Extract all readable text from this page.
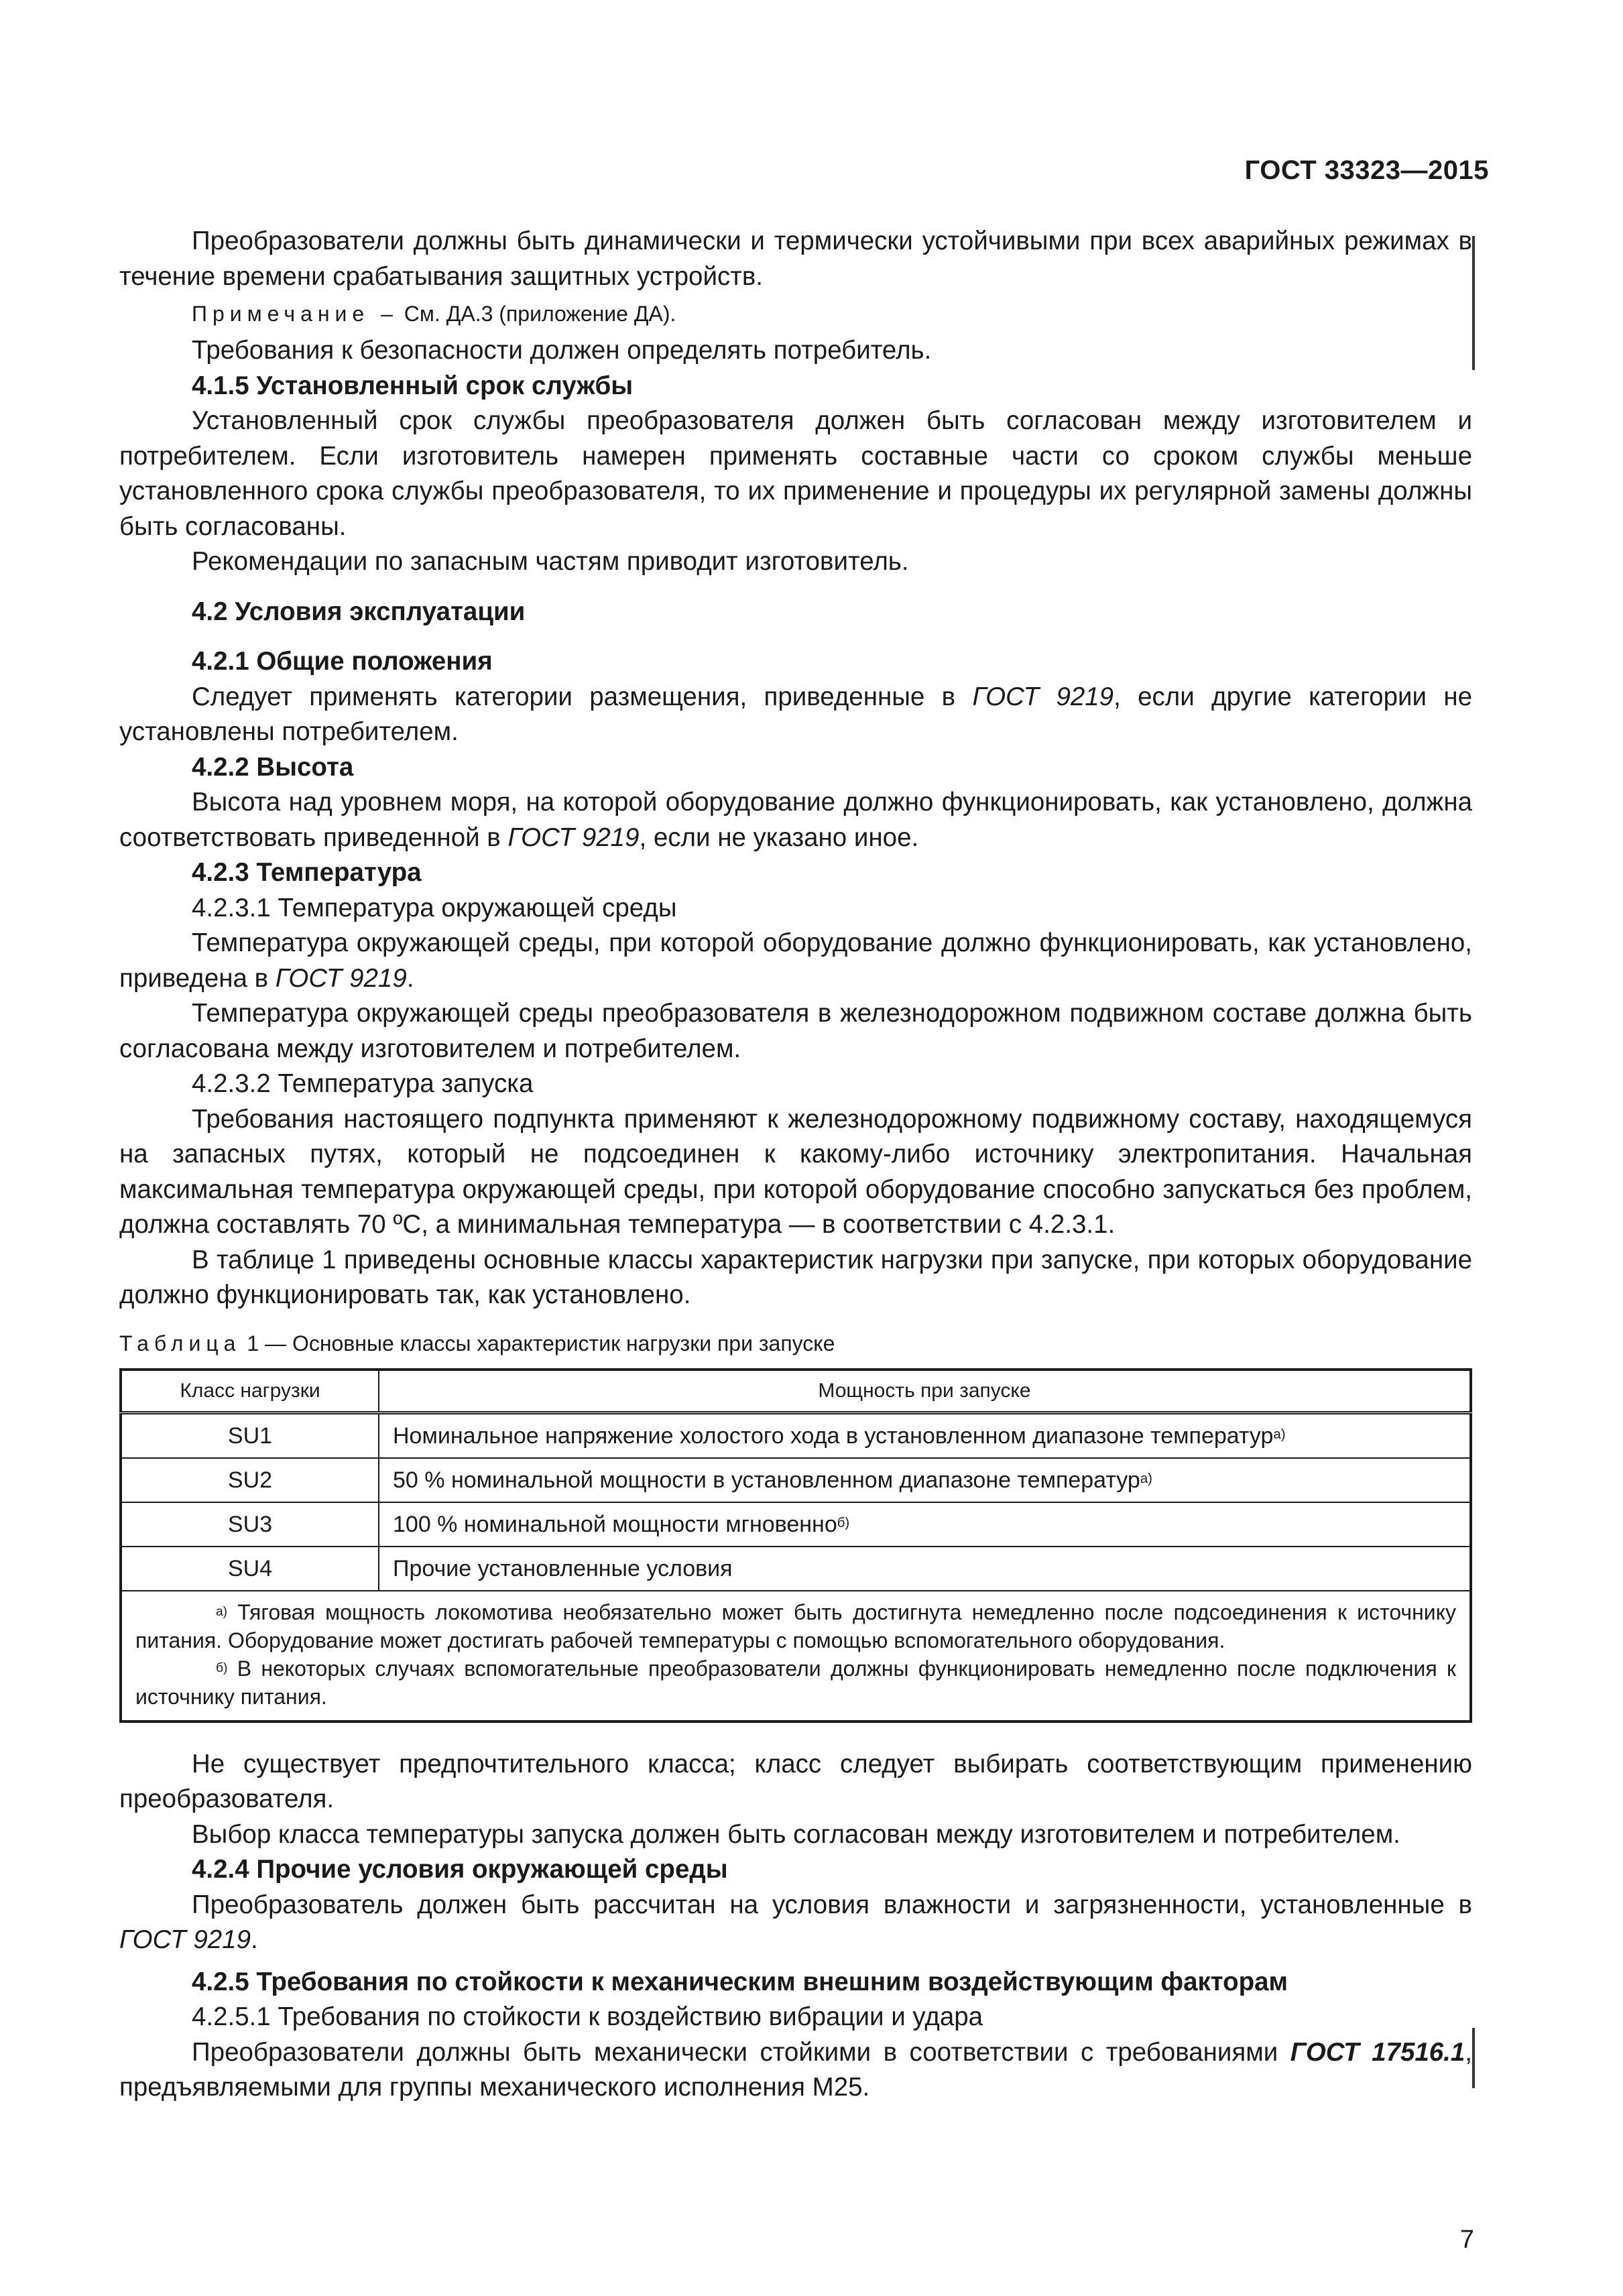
ГОСТ 33323—2015

Преобразователи должны быть динамически и термически устойчивыми при всех аварийных режимах в течение времени срабатывания защитных устройств.

Примечание – См. ДА.3 (приложение ДА).

Требования к безопасности должен определять потребитель.

4.1.5 Установленный срок службы

Установленный срок службы преобразователя должен быть согласован между изготовителем и потребителем. Если изготовитель намерен применять составные части со сроком службы меньше установленного срока службы преобразователя, то их применение и процедуры их регулярной замены должны быть согласованы.

Рекомендации по запасным частям приводит изготовитель.

4.2 Условия эксплуатации

4.2.1 Общие положения

Следует применять категории размещения, приведенные в ГОСТ 9219, если другие категории не установлены потребителем.

4.2.2 Высота

Высота над уровнем моря, на которой оборудование должно функционировать, как установлено, должна соответствовать приведенной в ГОСТ 9219, если не указано иное.

4.2.3 Температура

4.2.3.1 Температура окружающей среды

Температура окружающей среды, при которой оборудование должно функционировать, как установлено, приведена в ГОСТ 9219.

Температура окружающей среды преобразователя в железнодорожном подвижном составе должна быть согласована между изготовителем и потребителем.

4.2.3.2 Температура запуска

Требования настоящего подпункта применяют к железнодорожному подвижному составу, находящемуся на запасных путях, который не подсоединен к какому-либо источнику электропитания. Начальная максимальная температура окружающей среды, при которой оборудование способно запускаться без проблем, должна составлять 70 ºС, а минимальная температура — в соответствии с 4.2.3.1.

В таблице 1 приведены основные классы характеристик нагрузки при запуске, при которых оборудование должно функционировать так, как установлено.

Таблица 1 — Основные классы характеристик нагрузки при запуске
Класс нагрузки	Мощность при запуске
SU1	Номинальное напряжение холостого хода в установленном диапазоне температур$^{а)}$
SU2	50 % номинальной мощности в установленном диапазоне температур$^{а)}$
SU3	100 % номинальной мощности мгновенно$^{б)}$
SU4	Прочие установленные условия

$^{а)}$ Тяговая мощность локомотива необязательно может быть достигнута немедленно после подсоединения к источнику питания. Оборудование может достигать рабочей температуры с помощью вспомогательного оборудования.

$^{б)}$ В некоторых случаях вспомогательные преобразователи должны функционировать немедленно после подключения к источнику питания.	

Не существует предпочтительного класса; класс следует выбирать соответствующим применению преобразователя.

Выбор класса температуры запуска должен быть согласован между изготовителем и потребителем.

4.2.4 Прочие условия окружающей среды

Преобразователь должен быть рассчитан на условия влажности и загрязненности, установленные в ГОСТ 9219.

4.2.5 Требования по стойкости к механическим внешним воздействующим факторам

4.2.5.1 Требования по стойкости к воздействию вибрации и удара

Преобразователи должны быть механически стойкими в соответствии с требованиями ГОСТ 17516.1, предъявляемыми для группы механического исполнения М25.

7
